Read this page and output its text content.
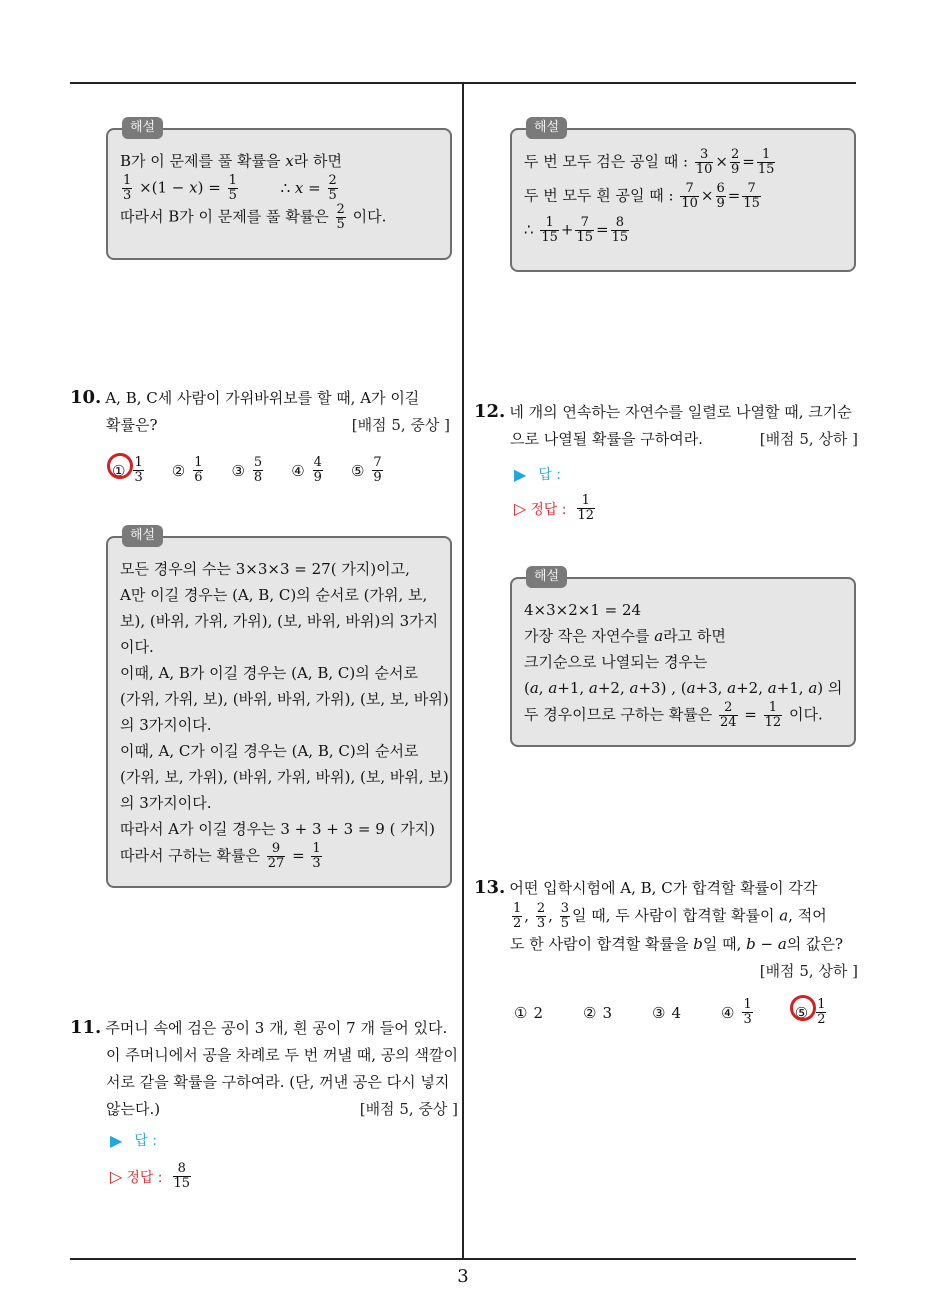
해설
B가 이 문제를 풀 확률을 𝑥라 하면
$\frac{1}{3} \times(1$ − 𝑥) = $\frac{1}{5}$	∴ 𝑥 = $\frac{2}{5}$
따라서 B가 이 문제를 풀 확률은 $\frac{2}{5}$ 이다.
10. A, B, C세 사람이 가위바위보를 할 때, A가 이길
확률은?	[배점 5, 중상 ]
① $\frac{1}{3}$ ② $\frac{1}{6}$ ③ $\frac{5}{8}$ ④ $\frac{4}{9}$ ⑤ $\frac{7}{9}$
해설
모든 경우의 수는 3×3×3 = 27( 가지)이고,
A만 이길 경우는 (A, B, C)의 순서로 (가위, 보,
보), (바위, 가위, 가위), (보, 바위, 바위)의 3가지
이다.
이때, A, B가 이길 경우는 (A, B, C)의 순서로
(가위, 가위, 보), (바위, 바위, 가위), (보, 보, 바위)
의 3가지이다.
이때, A, C가 이길 경우는 (A, B, C)의 순서로
(가위, 보, 가위), (바위, 가위, 바위), (보, 바위, 보)
의 3가지이다.
따라서 A가 이길 경우는 3 + 3 + 3 = 9 ( 가지)
따라서 구하는 확률은 $\frac{9}{27} = \frac{1}{3}$
11. 주머니 속에 검은 공이 3 개, 흰 공이 7 개 들어 있다.
이 주머니에서 공을 차례로 두 번 꺼낼 때, 공의 색깔이
서로 같을 확률을 구하여라. (단, 꺼낸 공은 다시 넣지
않는다.)	[배점 5, 중상 ]
▶ 답 :
▷ 정답 : $\frac{8}{15}$
해설
두 번 모두 검은 공일 때 : $\frac{3}{10} \times \frac{2}{9} = \frac{1}{15}$
두 번 모두 흰 공일 때 : $\frac{7}{10} \times \frac{6}{9} = \frac{7}{15}$
∴ $\frac{1}{15} + \frac{7}{15} = \frac{8}{15}$
12. 네 개의 연속하는 자연수를 일렬로 나열할 때, 크기순
으로 나열될 확률을 구하여라.	[배점 5, 상하 ]
▶ 답 :
▷ 정답 : $\frac{1}{12}$
해설
4×3×2×1 = 24
가장 작은 자연수를 𝑎라고 하면
크기순으로 나열되는 경우는
(𝑎, 𝑎+1, 𝑎+2, 𝑎+3) , (𝑎+3, 𝑎+2, 𝑎+1, 𝑎) 의
두 경우이므로 구하는 확률은 $\frac{2}{24} = \frac{1}{12}$ 이다.
13. 어떤 입학시험에 A, B, C가 합격할 확률이 각각
$\frac{1}{2}$ , $\frac{2}{3}$ , $\frac{3}{5}$ 일 때, 두 사람이 합격할 확률이 𝑎, 적어
도 한 사람이 합격할 확률을 𝑏일 때, 𝑏 − 𝑎의 값은?
[배점 5, 상하 ]
① 2	② 3	③ 4	④ $\frac{1}{3}$	⑤ $\frac{1}{2}$
3
